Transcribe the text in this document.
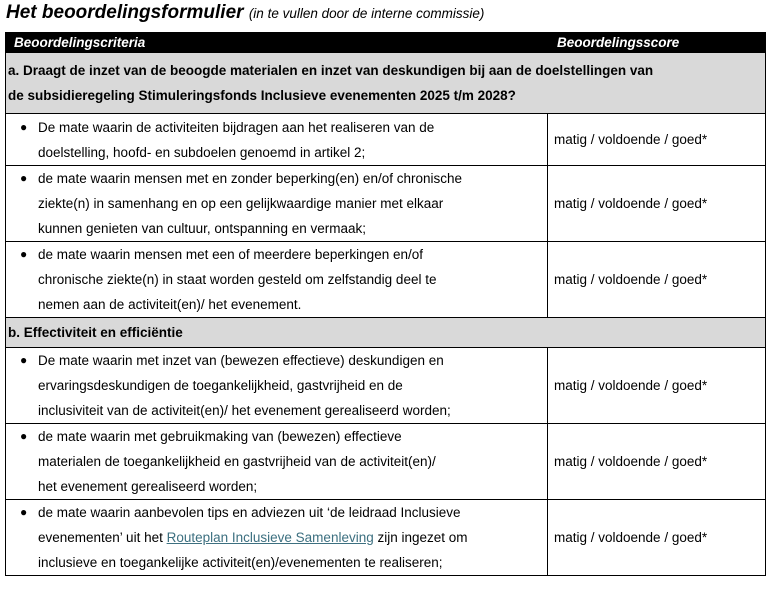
Het beoordelingsformulier (in te vullen door de interne commissie)
Beoordelingscriteria	Beoordelingsscore

a. Draagt de inzet van de beoogde materialen en inzet van deskundigen bij aan de doelstellingen van
de subsidieregeling Stimuleringsfonds Inclusieve evenementen 2025 t/m 2028?	

● De mate waarin de activiteiten bijdragen aan het realiseren van de
doelstelling, hoofd- en subdoelen genoemd in artikel 2;	matig / voldoende / goed*

● de mate waarin mensen met en zonder beperking(en) en/of chronische
ziekte(n) in samenhang en op een gelijkwaardige manier met elkaar
kunnen genieten van cultuur, ontspanning en vermaak;	matig / voldoende / goed*

● de mate waarin mensen met een of meerdere beperkingen en/of
chronische ziekte(n) in staat worden gesteld om zelfstandig deel te
nemen aan de activiteit(en)/ het evenement.	matig / voldoende / goed*
b. Effectiviteit en efficiëntie	

● De mate waarin met inzet van (bewezen effectieve) deskundigen en
ervaringsdeskundigen de toegankelijkheid, gastvrijheid en de
inclusiviteit van de activiteit(en)/ het evenement gerealiseerd worden;	matig / voldoende / goed*

● de mate waarin met gebruikmaking van (bewezen) effectieve
materialen de toegankelijkheid en gastvrijheid van de activiteit(en)/
het evenement gerealiseerd worden;	matig / voldoende / goed*

● de mate waarin aanbevolen tips en adviezen uit ‘de leidraad Inclusieve
evenementen’ uit het Routeplan Inclusieve Samenleving zijn ingezet om
inclusieve en toegankelijke activiteit(en)/evenementen te realiseren;	matig / voldoende / goed*
